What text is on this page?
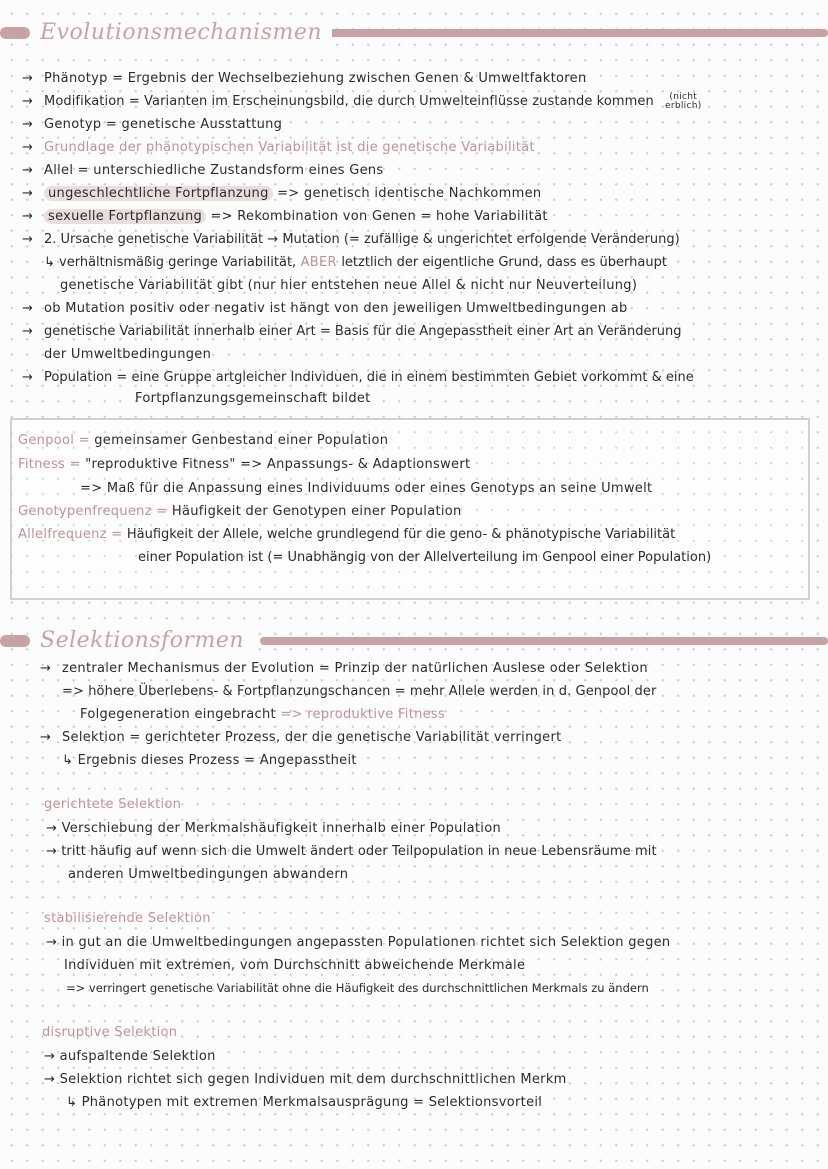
Evolutionsmechanismen
→ Phänotyp = Ergebnis der Wechselbeziehung zwischen Genen & Umweltfaktoren
→ Modifikation = Varianten im Erscheinungsbild, die durch Umwelteinflüsse zustande kommen (nicht erblich)
→ Genotyp = genetische Ausstattung
→ Grundlage der phänotypischen Variabilität ist die genetische Variabilität
→ Allel = unterschiedliche Zustandsform eines Gens
→ ungeschlechtliche Fortpflanzung => genetisch identische Nachkommen
→ sexuelle Fortpflanzung => Rekombination von Genen = hohe Variabilität
→ 2. Ursache genetische Variabilität → Mutation (= zufällige & ungerichtet erfolgende Veränderung)
↳ verhältnismäßig geringe Variabilität, ABER letztlich der eigentliche Grund, dass es überhaupt
genetische Variabilität gibt (nur hier entstehen neue Allel & nicht nur Neuverteilung)
→ ob Mutation positiv oder negativ ist hängt von den jeweiligen Umweltbedingungen ab
→ genetische Variabilität innerhalb einer Art = Basis für die Angepasstheit einer Art an Veränderung
der Umweltbedingungen
→ Population = eine Gruppe artgleicher Individuen, die in einem bestimmten Gebiet vorkommt & eine
Fortpflanzungsgemeinschaft bildet
Genpool = gemeinsamer Genbestand einer Population
Fitness = "reproduktive Fitness" => Anpassungs- & Adaptionswert
=> Maß für die Anpassung eines Individuums oder eines Genotyps an seine Umwelt
Genotypenfrequenz = Häufigkeit der Genotypen einer Population
Allelfrequenz = Häufigkeit der Allele, welche grundlegend für die geno- & phänotypische Variabilität
einer Population ist (= Unabhängig von der Allelverteilung im Genpool einer Population)
Selektionsformen
→ zentraler Mechanismus der Evolution = Prinzip der natürlichen Auslese oder Selektion
=> höhere Überlebens- & Fortpflanzungschancen = mehr Allele werden in d. Genpool der
Folgegeneration eingebracht => reproduktive Fitness
→ Selektion = gerichteter Prozess, der die genetische Variabilität verringert
↳ Ergebnis dieses Prozess = Angepasstheit
gerichtete Selektion
→ Verschiebung der Merkmalshäufigkeit innerhalb einer Population
→ tritt häufig auf wenn sich die Umwelt ändert oder Teilpopulation in neue Lebensräume mit
anderen Umweltbedingungen abwandern
stabilisierende Selektion
→ in gut an die Umweltbedingungen angepassten Populationen richtet sich Selektion gegen
Individuen mit extremen, vom Durchschnitt abweichende Merkmale
=> verringert genetische Variabilität ohne die Häufigkeit des durchschnittlichen Merkmals zu ändern
disruptive Selektion
→ aufspaltende Selektion
→ Selektion richtet sich gegen Individuen mit dem durchschnittlichen Merkm
↳ Phänotypen mit extremen Merkmalsausprägung = Selektionsvorteil
